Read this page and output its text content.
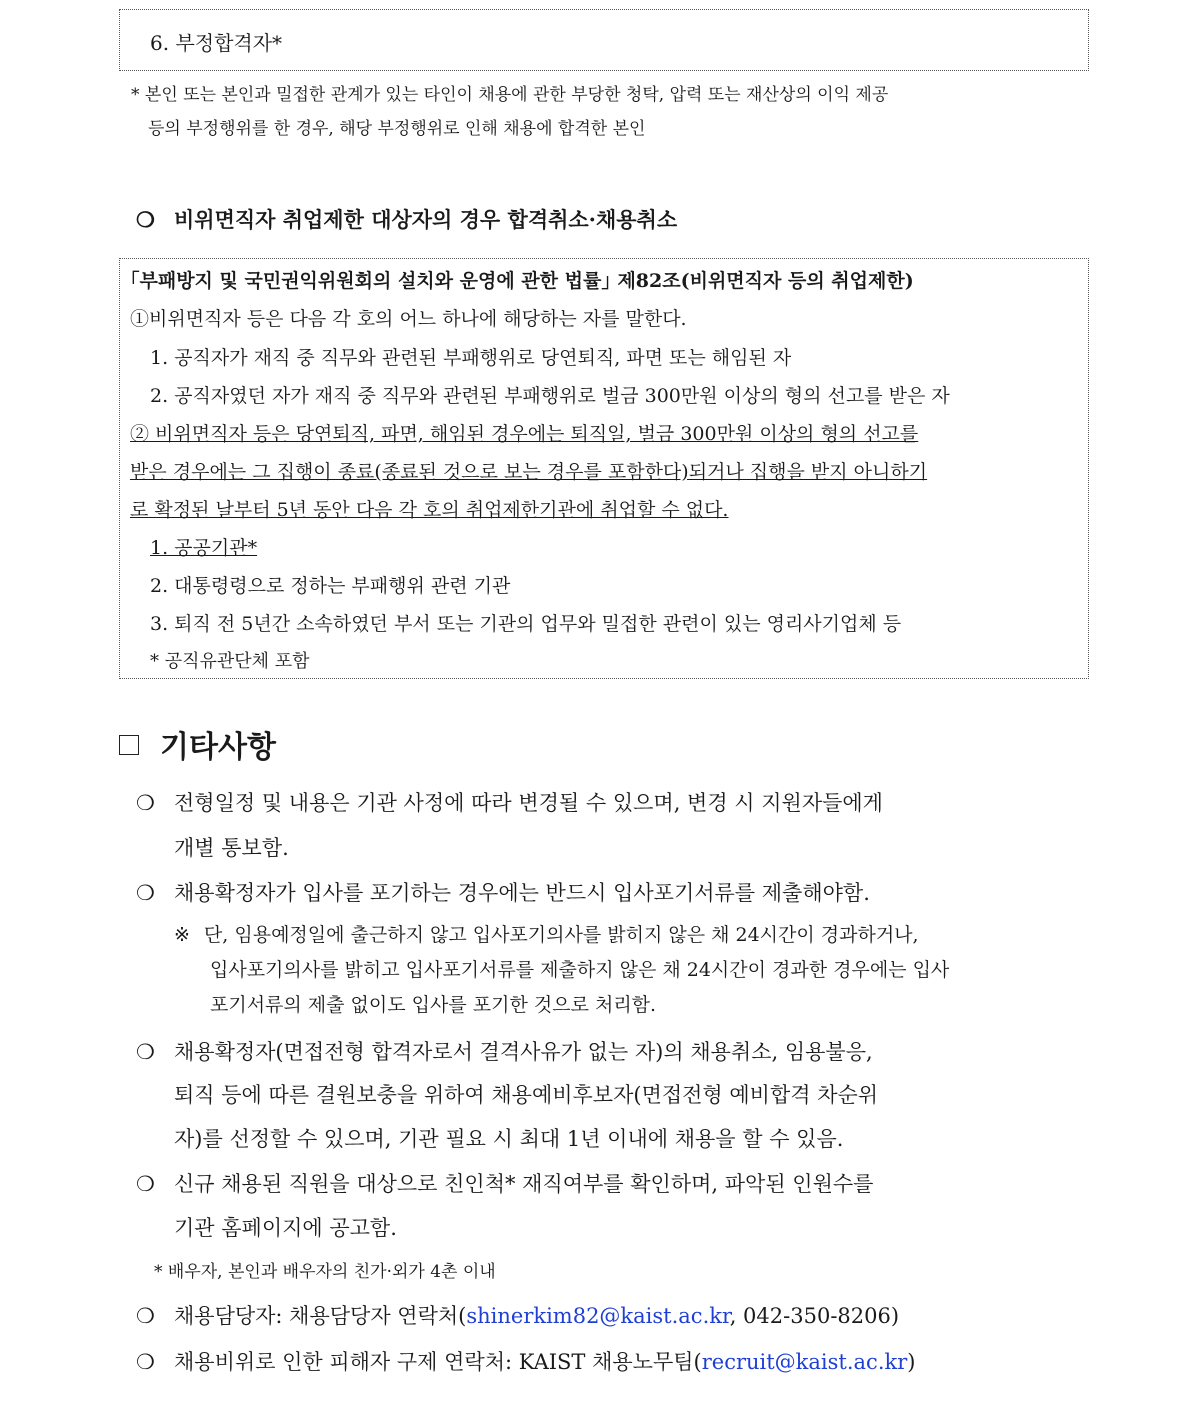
6. 부정합격자*
* 본인 또는 본인과 밀접한 관계가 있는 타인이 채용에 관한 부당한 청탁, 압력 또는 재산상의 이익 제공
등의 부정행위를 한 경우, 해당 부정행위로 인해 채용에 합격한 본인
❍ 비위면직자 취업제한 대상자의 경우 합격취소·채용취소
｢부패방지 및 국민권익위원회의 설치와 운영에 관한 법률｣ 제82조(비위면직자 등의 취업제한)
①비위면직자 등은 다음 각 호의 어느 하나에 해당하는 자를 말한다.
1. 공직자가 재직 중 직무와 관련된 부패행위로 당연퇴직, 파면 또는 해임된 자
2. 공직자였던 자가 재직 중 직무와 관련된 부패행위로 벌금 300만원 이상의 형의 선고를 받은 자
② 비위면직자 등은 당연퇴직, 파면, 해임된 경우에는 퇴직일, 벌금 300만원 이상의 형의 선고를
받은 경우에는 그 집행이 종료(종료된 것으로 보는 경우를 포함한다)되거나 집행을 받지 아니하기
로 확정된 날부터 5년 동안 다음 각 호의 취업제한기관에 취업할 수 없다.
1. 공공기관*
2. 대통령령으로 정하는 부패행위 관련 기관
3. 퇴직 전 5년간 소속하였던 부서 또는 기관의 업무와 밀접한 관련이 있는 영리사기업체 등
* 공직유관단체 포함
기타사항
❍ 전형일정 및 내용은 기관 사정에 따라 변경될 수 있으며, 변경 시 지원자들에게
개별 통보함.
❍ 채용확정자가 입사를 포기하는 경우에는 반드시 입사포기서류를 제출해야함.
※ 단, 임용예정일에 출근하지 않고 입사포기의사를 밝히지 않은 채 24시간이 경과하거나,
입사포기의사를 밝히고 입사포기서류를 제출하지 않은 채 24시간이 경과한 경우에는 입사
포기서류의 제출 없이도 입사를 포기한 것으로 처리함.
❍ 채용확정자(면접전형 합격자로서 결격사유가 없는 자)의 채용취소, 임용불응,
퇴직 등에 따른 결원보충을 위하여 채용예비후보자(면접전형 예비합격 차순위
자)를 선정할 수 있으며, 기관 필요 시 최대 1년 이내에 채용을 할 수 있음.
❍ 신규 채용된 직원을 대상으로 친인척* 재직여부를 확인하며, 파악된 인원수를
기관 홈페이지에 공고함.
* 배우자, 본인과 배우자의 친가·외가 4촌 이내
❍ 채용담당자: 채용담당자 연락처(shinerkim82@kaist.ac.kr, 042-350-8206)
❍ 채용비위로 인한 피해자 구제 연락처: KAIST 채용노무팀(recruit@kaist.ac.kr)
